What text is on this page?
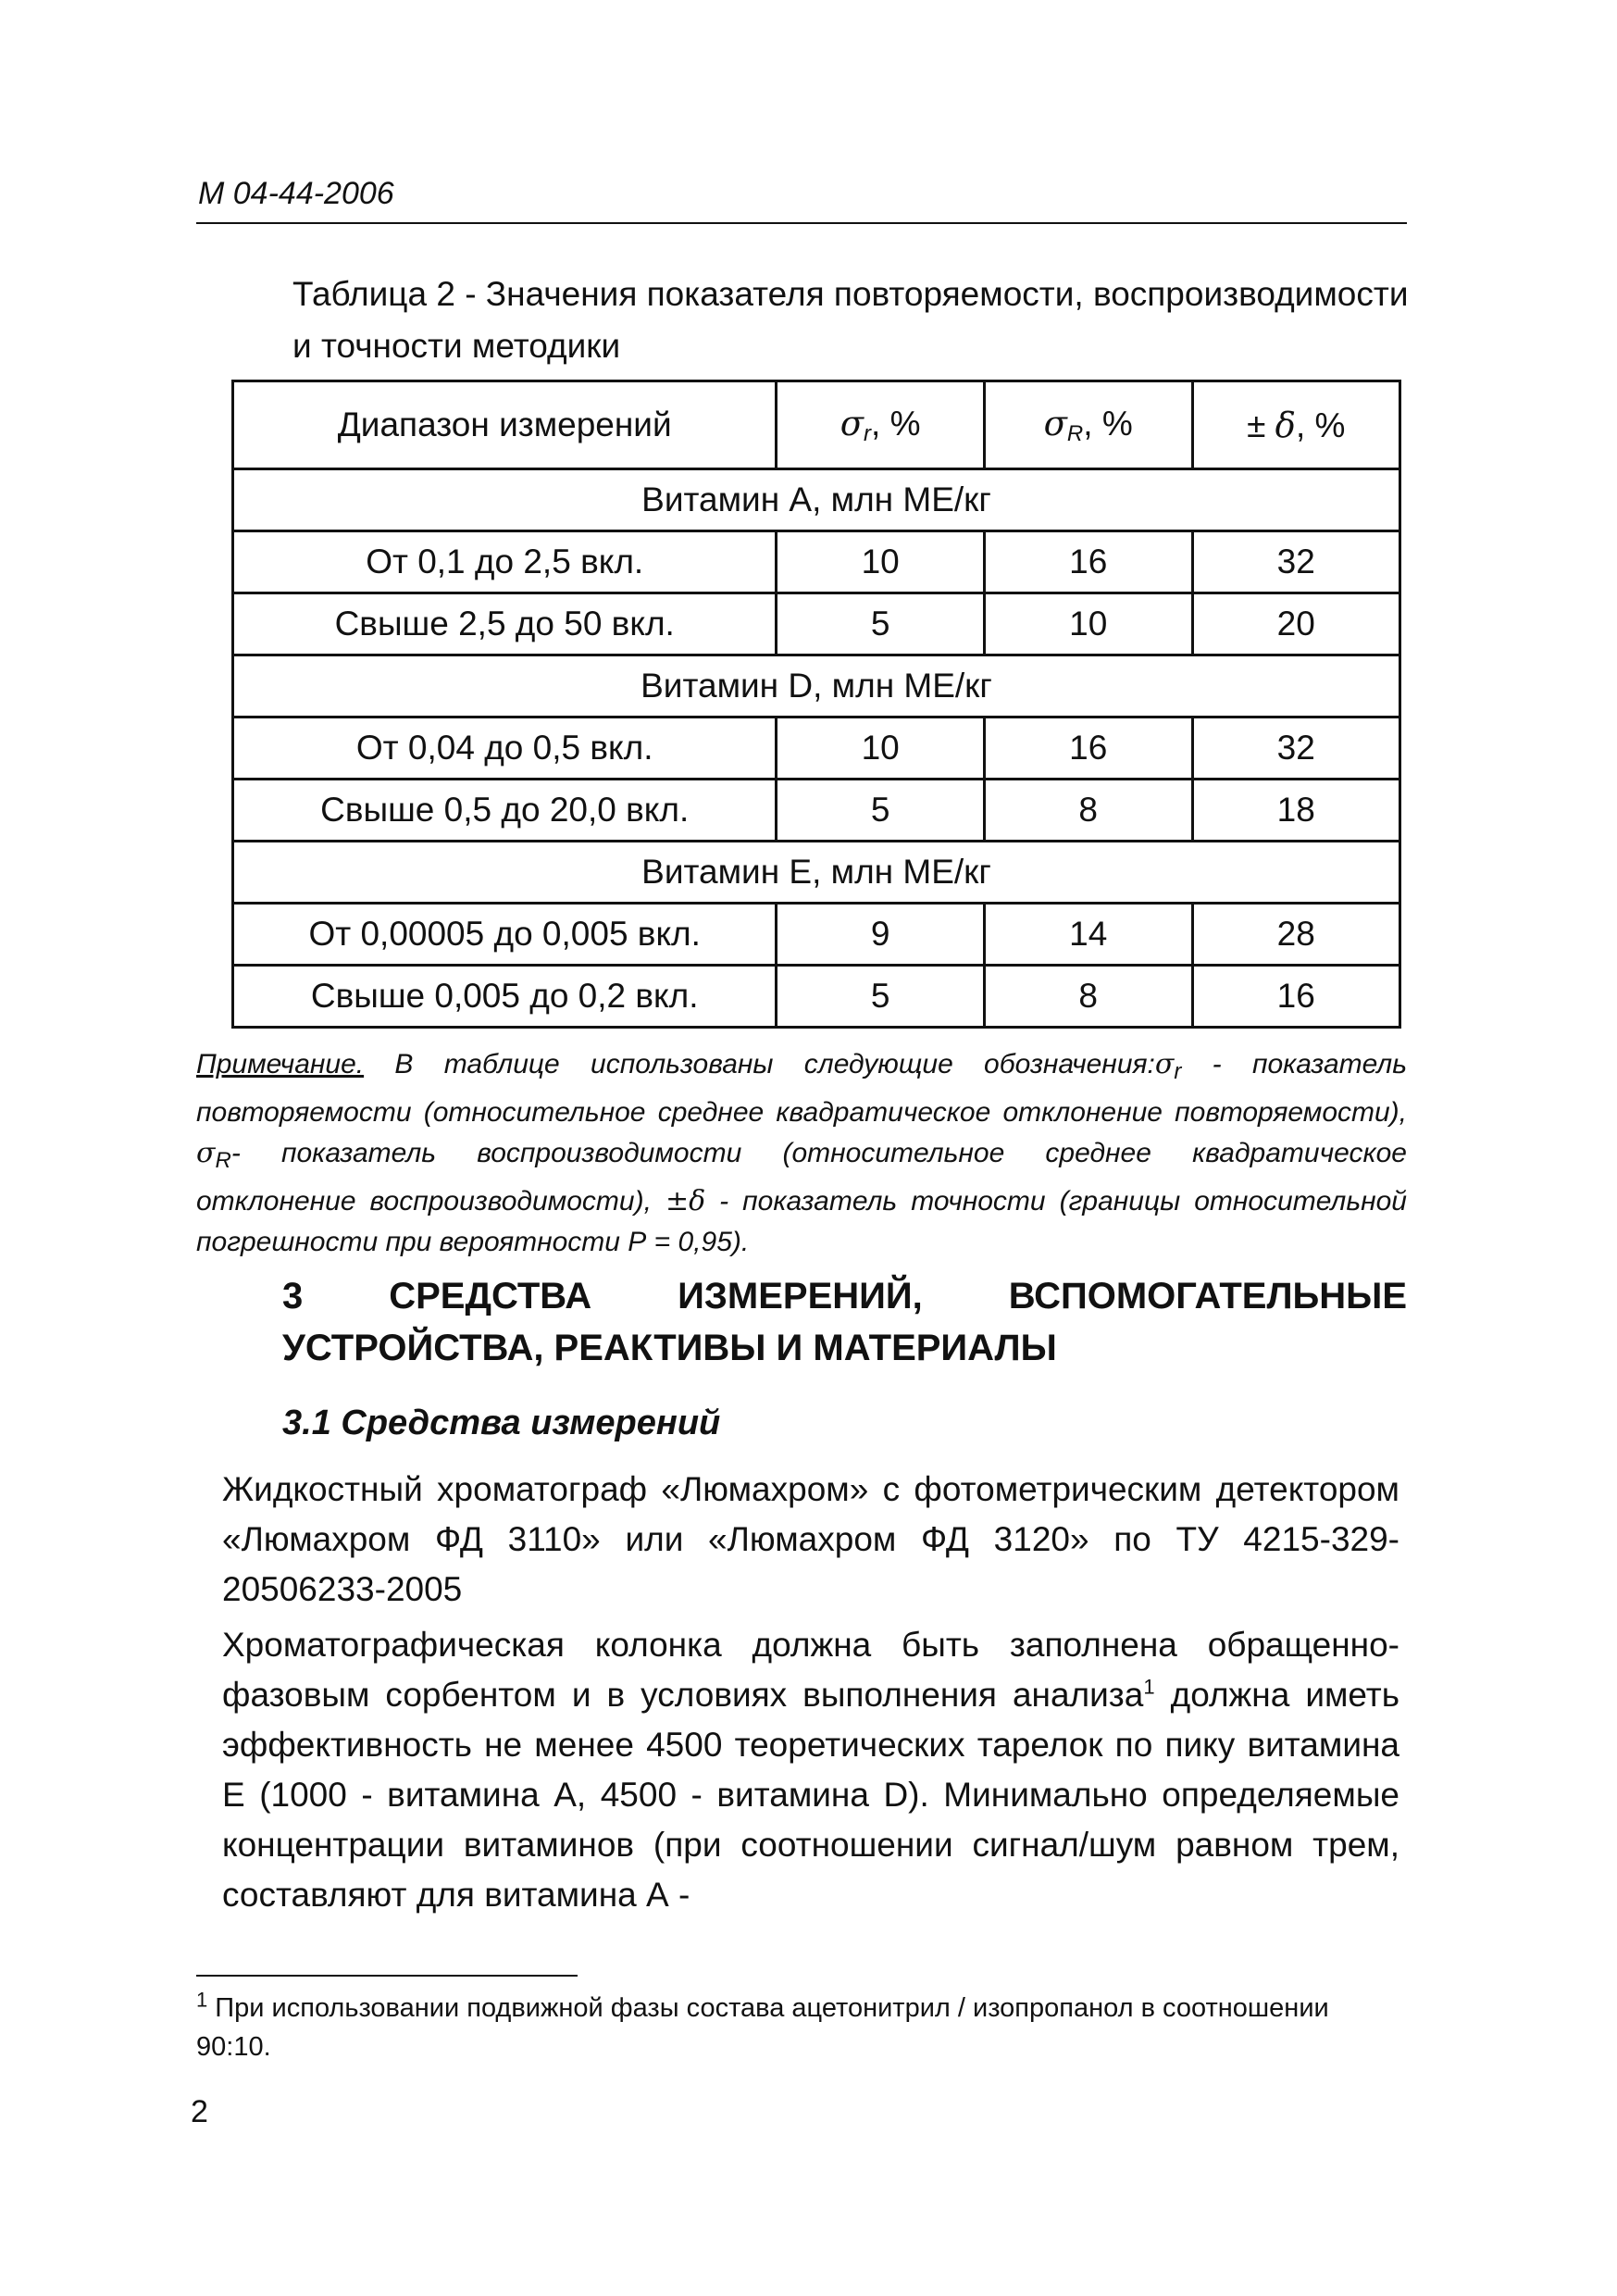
М 04-44-2006
Таблица 2 - Значения показателя повторяемости, воспроизводимости и точности методики
Диапазон измерений	σr, %	σR, %	± δ, %
Витамин А, млн МЕ/кг			
От 0,1 до 2,5 вкл.	10	16	32
Свыше 2,5 до 50 вкл.	5	10	20
Витамин D, млн МЕ/кг			
От 0,04 до 0,5 вкл.	10	16	32
Свыше 0,5 до 20,0 вкл.	5	8	18
Витамин Е, млн МЕ/кг			
От 0,00005 до 0,005 вкл.	9	14	28
Свыше 0,005 до 0,2 вкл.	5	8	16
Примечание. В таблице использованы следующие $обозначения:\sigma_r$ - показатель повторяемости (относительное среднее квадратическое отклонение повторяемости), $\sigma_R-$ показатель воспроизводимости (относительное среднее квадратическое отклонение воспроизводимости), ±δ - показатель точности (границы относительной погрешности при вероятности Р = 0,95).
3 СРЕДСТВА ИЗМЕРЕНИЙ, ВСПОМОГАТЕЛЬНЫЕ УСТРОЙСТВА, РЕАКТИВЫ И МАТЕРИАЛЫ
3.1 Средства измерений
Жидкостный хроматограф «Люмахром» с фотометрическим детектором «Люмахром ФД 3110» или «Люмахром ФД 3120» по ТУ 4215-329-20506233-2005
Хроматографическая колонка должна быть заполнена обращенно-фазовым сорбентом и в условиях выполнения анализа$^1$ должна иметь эффективность не менее 4500 теоретических тарелок по пику витамина Е (1000 - витамина А, 4500 - витамина D). Минимально определяемые концентрации витаминов (при соотношении сигнал/шум равном трем, составляют для витамина А -
$^1$ При использовании подвижной фазы состава ацетонитрил / изопропанол в соотношении 90:10.
2
